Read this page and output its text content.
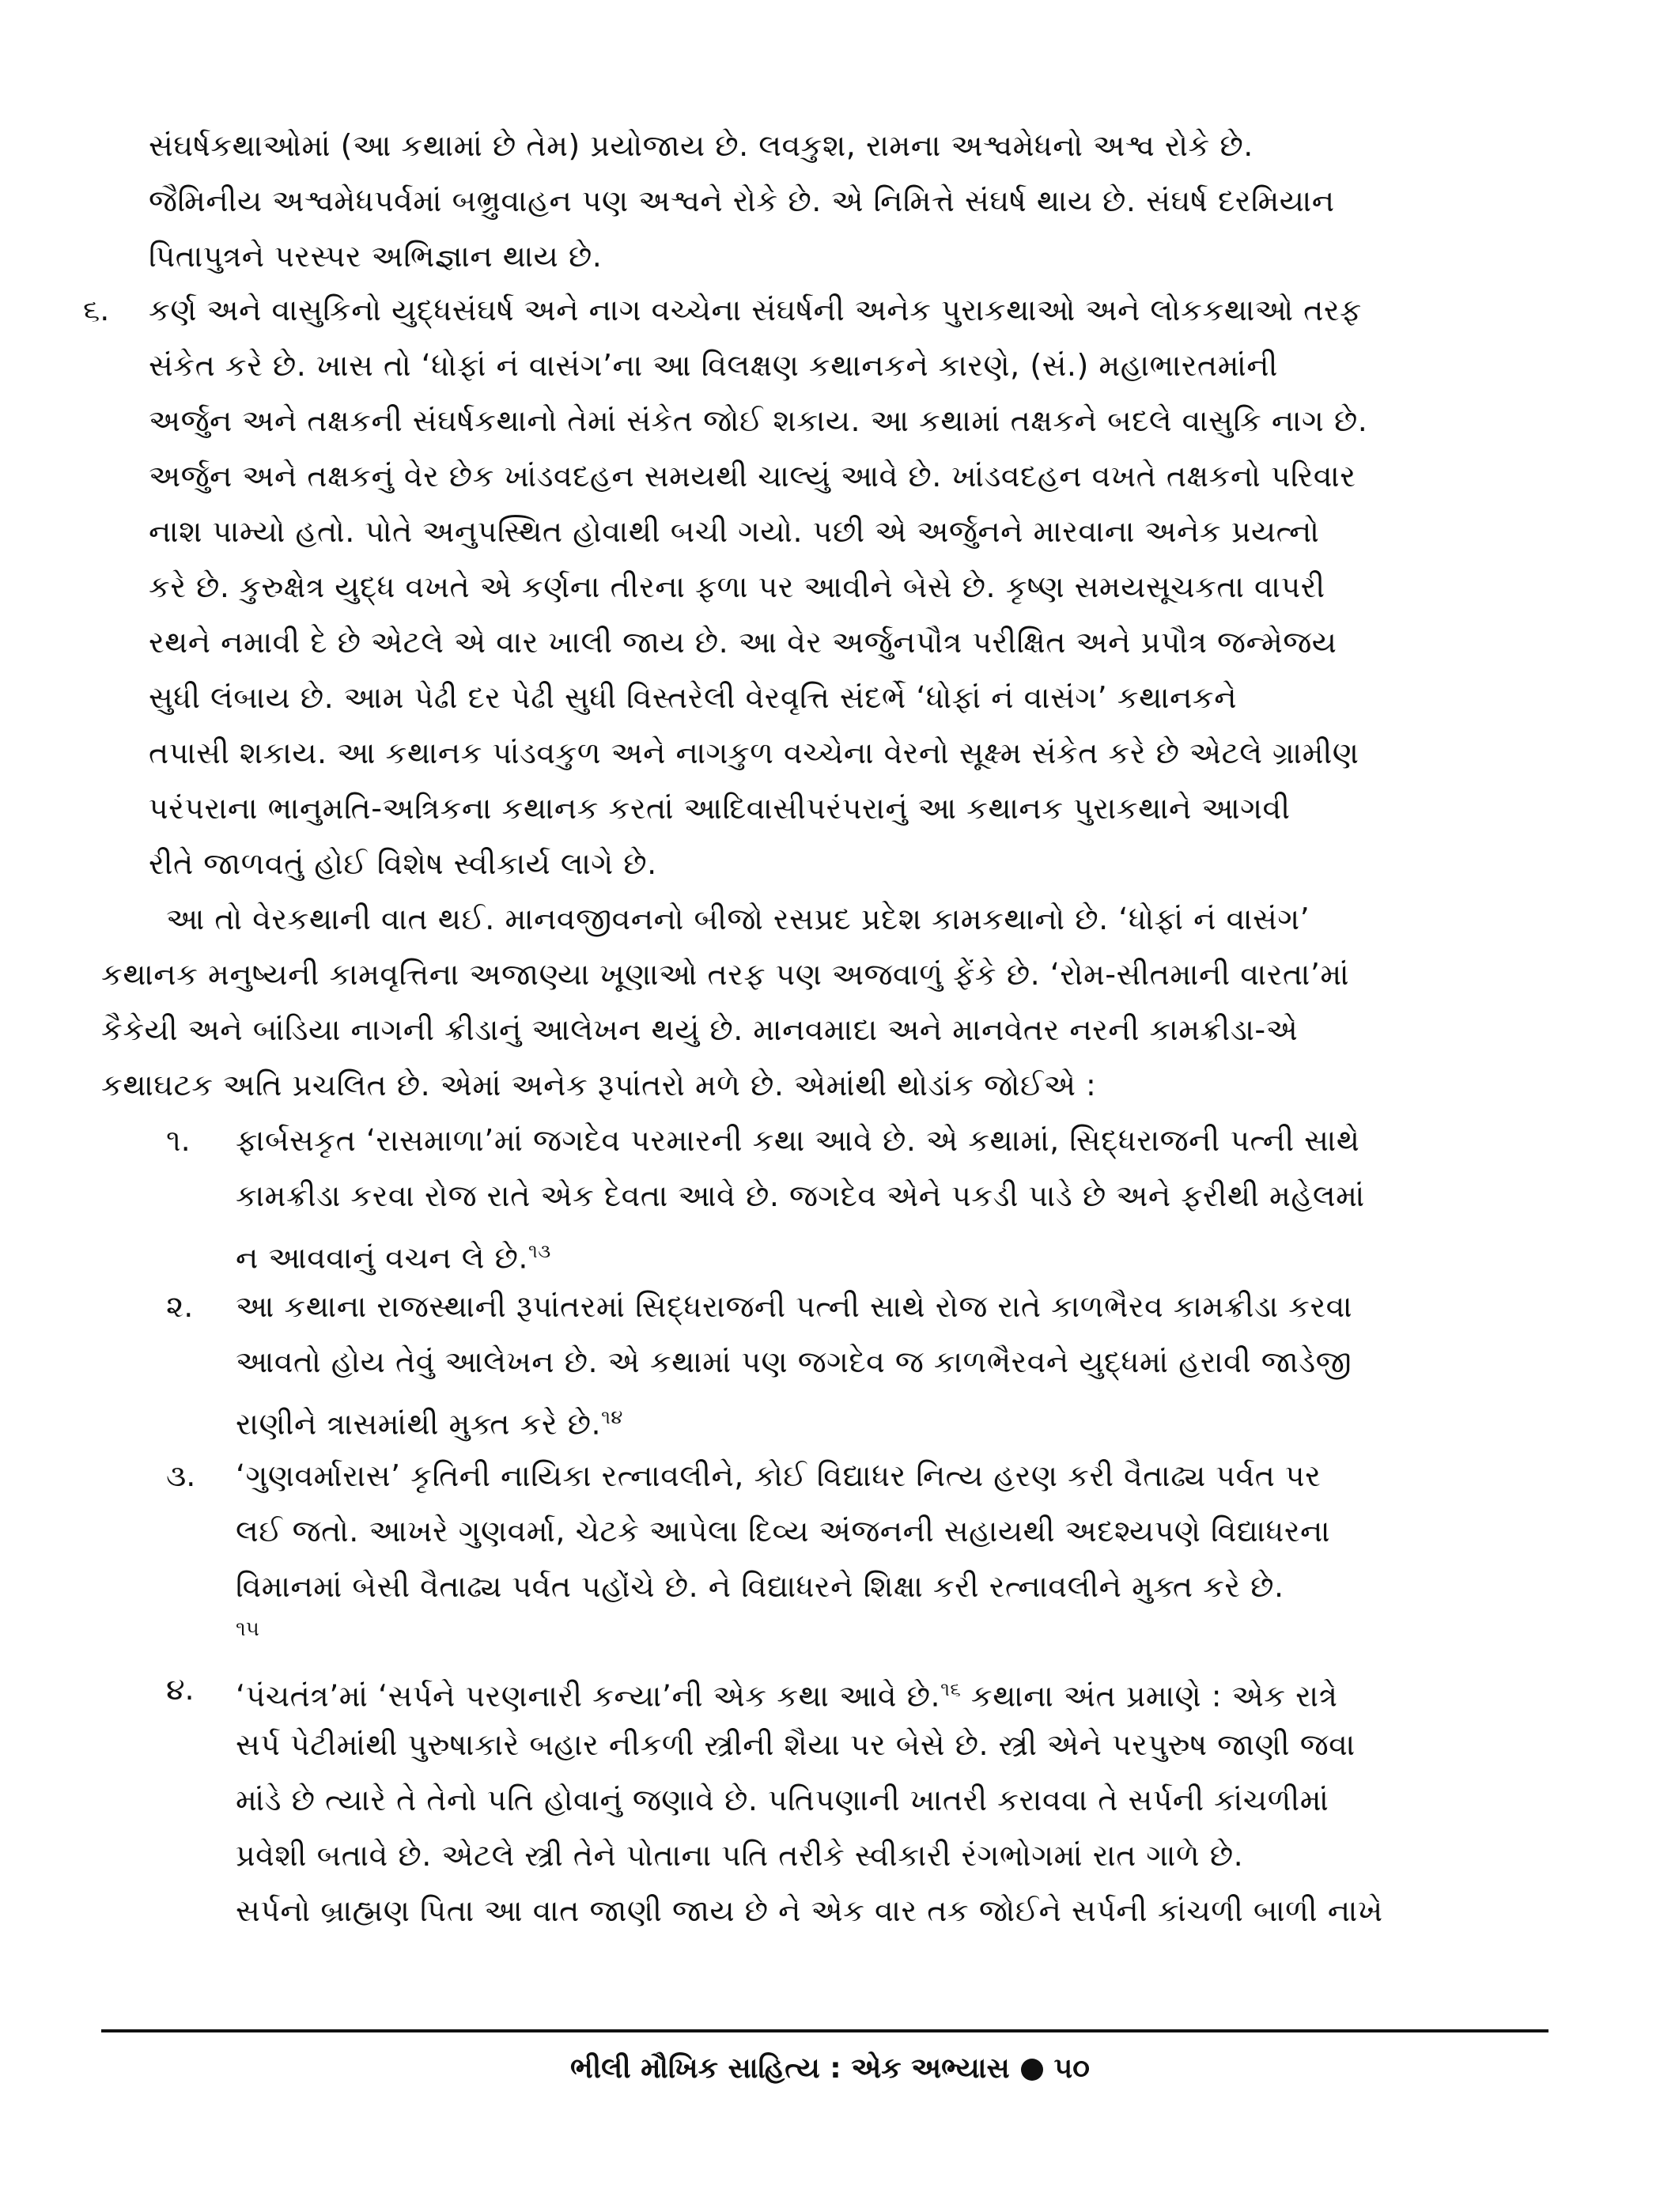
સંઘર્ષકથાઓમાં (આ કથામાં છે તેમ) પ્રયોજાય છે. લવકુશ, રામના અશ્વમેધનો અશ્વ રોકે છે.
જૈમિનીય અશ્વમેધપર્વમાં બભ્રુવાહન પણ અશ્વને રોકે છે. એ નિમિત્તે સંઘર્ષ થાય છે. સંઘર્ષ દરમિયાન
પિતાપુત્રને પરસ્પર અભિજ્ઞાન થાય છે.
૬. કર્ણ અને વાસુકિનો યુદ્ધસંઘર્ષ અને નાગ વચ્ચેના સંઘર્ષની અનેક પુરાકથાઓ અને લોકકથાઓ તરફ
સંકેત કરે છે. ખાસ તો ‘ધોફાં નં વાસંગ’ના આ વિલક્ષણ કથાનકને કારણે, (સં.) મહાભારતમાંની
અર્જુન અને તક્ષકની સંઘર્ષકથાનો તેમાં સંકેત જોઈ શકાય. આ કથામાં તક્ષકને બદલે વાસુકિ નાગ છે.
અર્જુન અને તક્ષકનું વેર છેક ખાંડવદહન સમયથી ચાલ્યું આવે છે. ખાંડવદહન વખતે તક્ષકનો પરિવાર
નાશ પામ્યો હતો. પોતે અનુપસ્થિત હોવાથી બચી ગયો. પછી એ અર્જુનને મારવાના અનેક પ્રયત્નો
કરે છે. કુરુક્ષેત્ર યુદ્ધ વખતે એ કર્ણના તીરના ફળા પર આવીને બેસે છે. કૃષ્ણ સમયસૂચકતા વાપરી
રથને નમાવી દે છે એટલે એ વાર ખાલી જાય છે. આ વેર અર્જુનપૌત્ર પરીક્ષિત અને પ્રપૌત્ર જન્મેજય
સુધી લંબાય છે. આમ પેઢી દર પેઢી સુધી વિસ્તરેલી વેરવૃત્તિ સંદર્ભે ‘ધોફાં નં વાસંગ’ કથાનકને
તપાસી શકાય. આ કથાનક પાંડવકુળ અને નાગકુળ વચ્ચેના વેરનો સૂક્ષ્મ સંકેત કરે છે એટલે ગ્રામીણ
પરંપરાના ભાનુમતિ-અત્રિકના કથાનક કરતાં આદિવાસીપરંપરાનું આ કથાનક પુરાકથાને આગવી
રીતે જાળવતું હોઈ વિશેષ સ્વીકાર્ય લાગે છે.
આ તો વેરકથાની વાત થઈ. માનવજીવનનો બીજો રસપ્રદ પ્રદેશ કામકથાનો છે. ‘ધોફાં નં વાસંગ’
કથાનક મનુષ્યની કામવૃત્તિના અજાણ્યા ખૂણાઓ તરફ પણ અજવાળું ફેંકે છે. ‘રોમ-સીતમાની વારતા’માં
કૈકેયી અને બાંડિયા નાગની ક્રીડાનું આલેખન થયું છે. માનવમાદા અને માનવેતર નરની કામક્રીડા-એ
કથાઘટક અતિ પ્રચલિત છે. એમાં અનેક રૂપાંતરો મળે છે. એમાંથી થોડાંક જોઈએ :
૧. ફાર્બસકૃત ‘રાસમાળા’માં જગદેવ પરમારની કથા આવે છે. એ કથામાં, સિદ્ધરાજની પત્ની સાથે
કામક્રીડા કરવા રોજ રાતે એક દેવતા આવે છે. જગદેવ એને પકડી પાડે છે અને ફરીથી મહેલમાં
ન આવવાનું વચન લે છે.$^{૧૩}$
૨. આ કથાના રાજસ્થાની રૂપાંતરમાં સિદ્ધરાજની પત્ની સાથે રોજ રાતે કાળભૈરવ કામક્રીડા કરવા
આવતો હોય તેવું આલેખન છે. એ કથામાં પણ જગદેવ જ કાળભૈરવને યુદ્ધમાં હરાવી જાડેજી
રાણીને ત્રાસમાંથી મુક્ત કરે છે.$^{૧૪}$
૩. ‘ગુણવર્મારાસ’ કૃતિની નાયિકા રત્નાવલીને, કોઈ વિદ્યાધર નિત્ય હરણ કરી વૈતાઢ્ય પર્વત પર
લઈ જતો. આખરે ગુણવર્મા, ચેટકે આપેલા દિવ્ય અંજનની સહાયથી અદશ્યપણે વિદ્યાધરના
વિમાનમાં બેસી વૈતાઢ્ય પર્વત પહોંચે છે. ને વિદ્યાધરને શિક્ષા કરી રત્નાવલીને મુક્ત કરે છે.
૧૫
૪. ‘પંચતંત્ર’માં ‘સર્પને પરણનારી કન્યા’ની એક કથા આવે છે.$^{૧૬}$ કથાના અંત પ્રમાણે : એક રાત્રે
સર્પ પેટીમાંથી પુરુષાકારે બહાર નીકળી સ્ત્રીની શૈયા પર બેસે છે. સ્ત્રી એને પરપુરુષ જાણી જવા
માંડે છે ત્યારે તે તેનો પતિ હોવાનું જણાવે છે. પતિપણાની ખાતરી કરાવવા તે સર્પની કાંચળીમાં
પ્રવેશી બતાવે છે. એટલે સ્ત્રી તેને પોતાના પતિ તરીકે સ્વીકારી રંગભોગમાં રાત ગાળે છે.
સર્પનો બ્રાહ્મણ પિતા આ વાત જાણી જાય છે ને એક વાર તક જોઈને સર્પની કાંચળી બાળી નાખે
ભીલી મૌખિક સાહિત્ય : એક અભ્યાસ ૫૦
